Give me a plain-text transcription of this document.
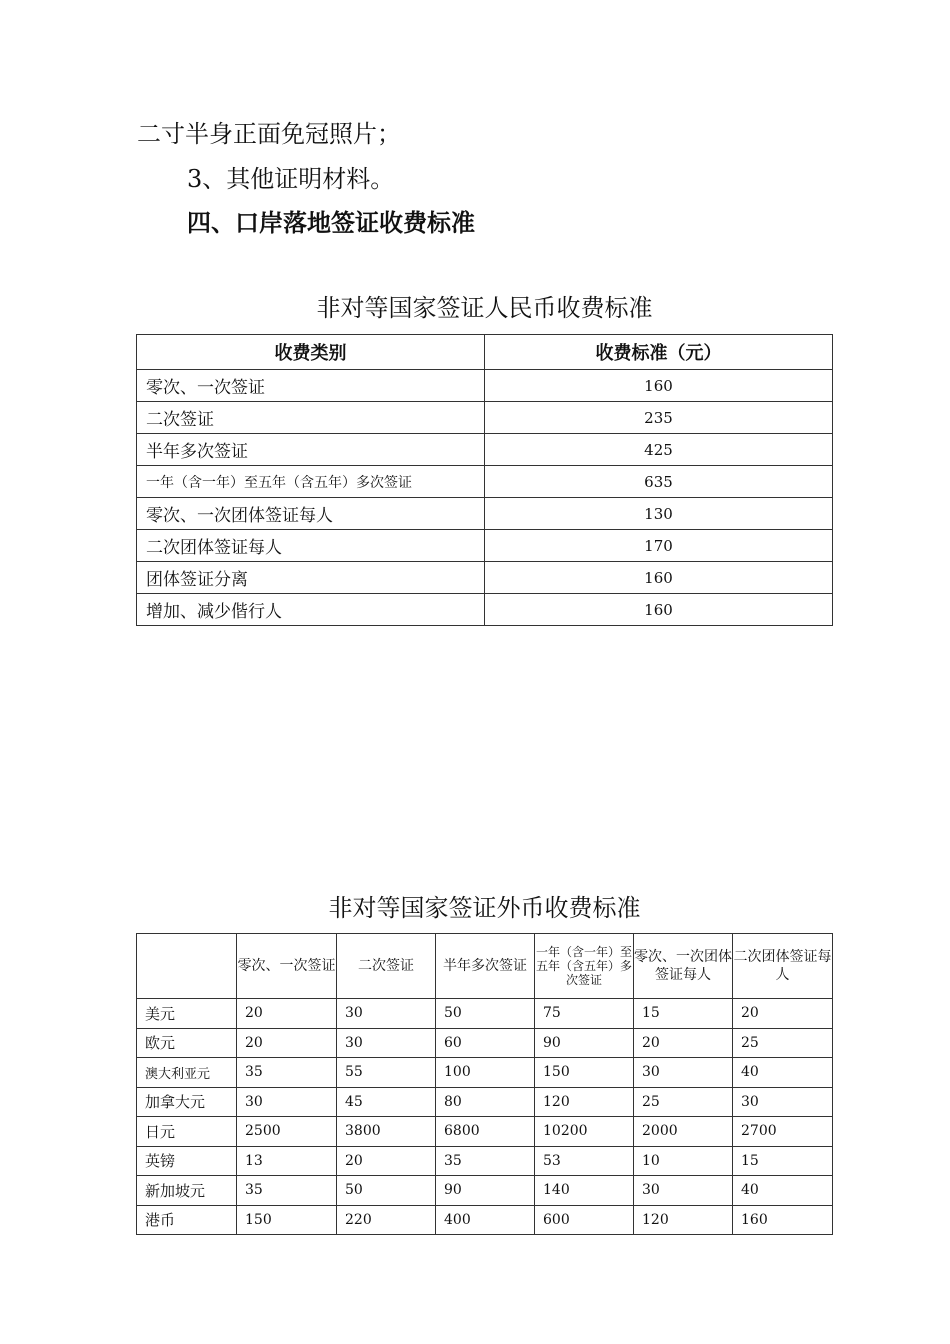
二寸半身正面免冠照片；
3、其他证明材料。
四、口岸落地签证收费标准
非对等国家签证人民币收费标准
收费类别	收费标准（元）
零次、一次签证	160
二次签证	235
半年多次签证	425
一年（含一年）至五年（含五年）多次签证	635
零次、一次团体签证每人	130
二次团体签证每人	170
团体签证分离	160
增加、减少偕行人	160
非对等国家签证外币收费标准
	零次、一次签证	二次签证	半年多次签证	一年（含一年）至五年（含五年）多次签证	零次、一次团体签证每人	二次团体签证每人
美元	20	30	50	75	15	20
欧元	20	30	60	90	20	25
澳大利亚元	35	55	100	150	30	40
加拿大元	30	45	80	120	25	30
日元	2500	3800	6800	10200	2000	2700
英镑	13	20	35	53	10	15
新加坡元	35	50	90	140	30	40
港币	150	220	400	600	120	160
